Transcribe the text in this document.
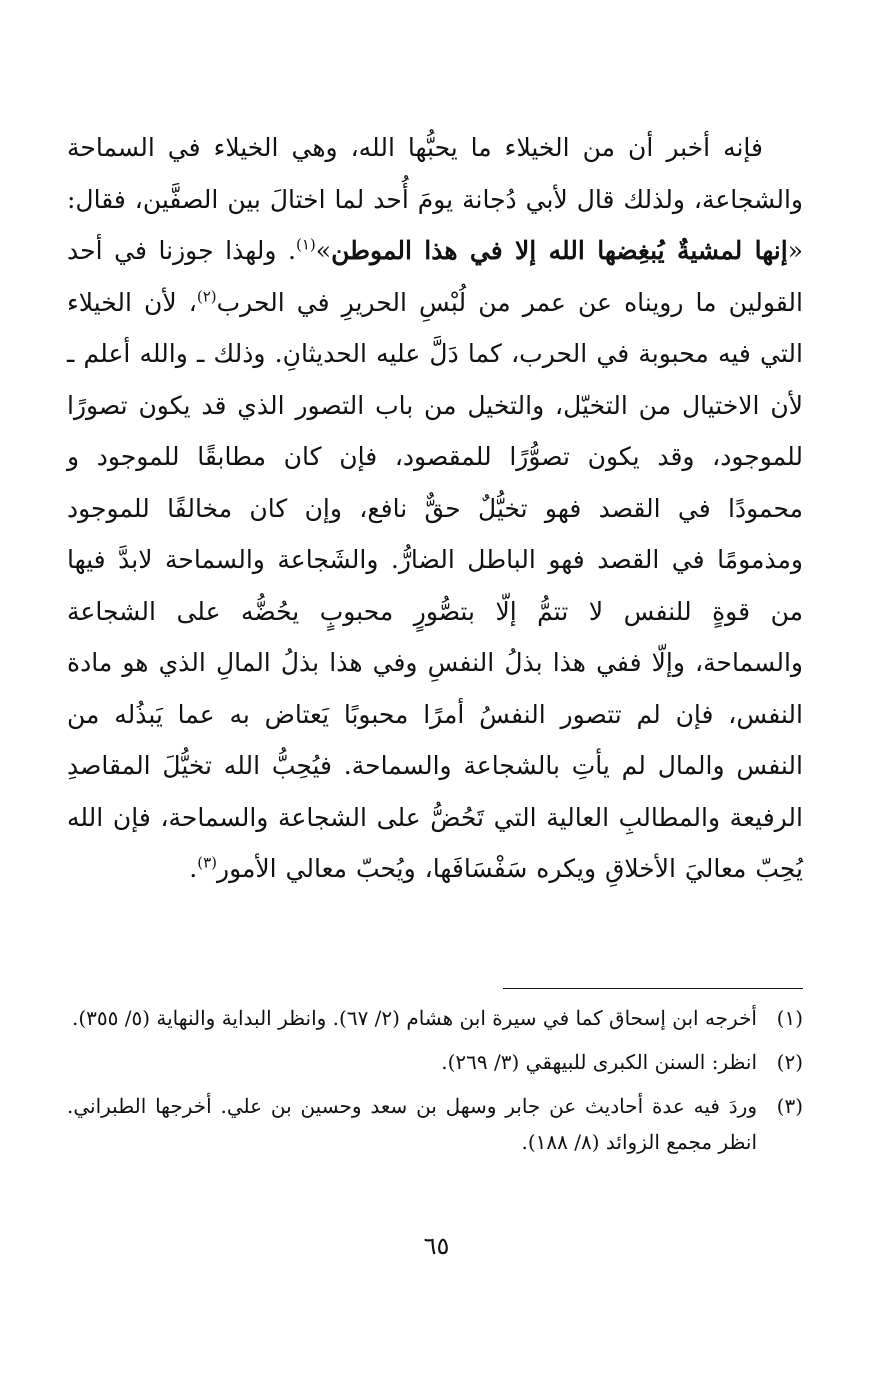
فإنه أخبر أن من الخيلاء ما يحبُّها الله، وهي الخيلاء في السماحة والشجاعة، ولذلك قال لأبي دُجانة يومَ أُحد لما اختالَ بين الصفَّين، فقال: «إنها لمشيةٌ يُبغِضها الله إلا في هذا الموطن»$^{(١)}$. ولهذا جوزنا في أحد القولين ما رويناه عن عمر من لُبْسِ الحريرِ في الحرب$^{(٢)}$، لأن الخيلاء التي فيه محبوبة في الحرب، كما دَلَّ عليه الحديثانِ. وذلك ـ والله أعلم ـ لأن الاختيال من التخيّل، والتخيل من باب التصور الذي قد يكون تصورًا للموجود، وقد يكون تصوُّرًا للمقصود، فإن كان مطابقًا للموجود و محمودًا في القصد فهو تخيُّلٌ حقٌّ نافع، وإن كان مخالفًا للموجود ومذمومًا في القصد فهو الباطل الضارُّ. والشَجاعة والسماحة لابدَّ فيها من قوةٍ للنفس لا تتمُّ إلّا بتصُّورٍ محبوبٍ يحُضُّه على الشجاعة والسماحة، وإلّا ففي هذا بذلُ النفسِ وفي هذا بذلُ المالِ الذي هو مادة النفس، فإن لم تتصور النفسُ أمرًا محبوبًا يَعتاض به عما يَبذُله من النفس والمال لم يأتِ بالشجاعة والسماحة. فيُحِبُّ الله تخيُّلَ المقاصدِ الرفيعة والمطالبِ العالية التي تَحُضُّ على الشجاعة والسماحة، فإن الله يُحِبّ معاليَ الأخلاقِ ويكره سَفْسَافَها، ويُحبّ معالي الأمور$^{(٣)}$.

(١)
أخرجه ابن إسحاق كما في سيرة ابن هشام (٢/ ٦٧). وانظر البداية والنهاية (٥/ ٣٥٥).
(٢)
انظر: السنن الكبرى للبيهقي (٣/ ٢٦٩).
(٣)
وردَ فيه عدة أحاديث عن جابر وسهل بن سعد وحسين بن علي. أخرجها الطبراني. انظر مجمع الزوائد (٨/ ١٨٨).
٦٥
